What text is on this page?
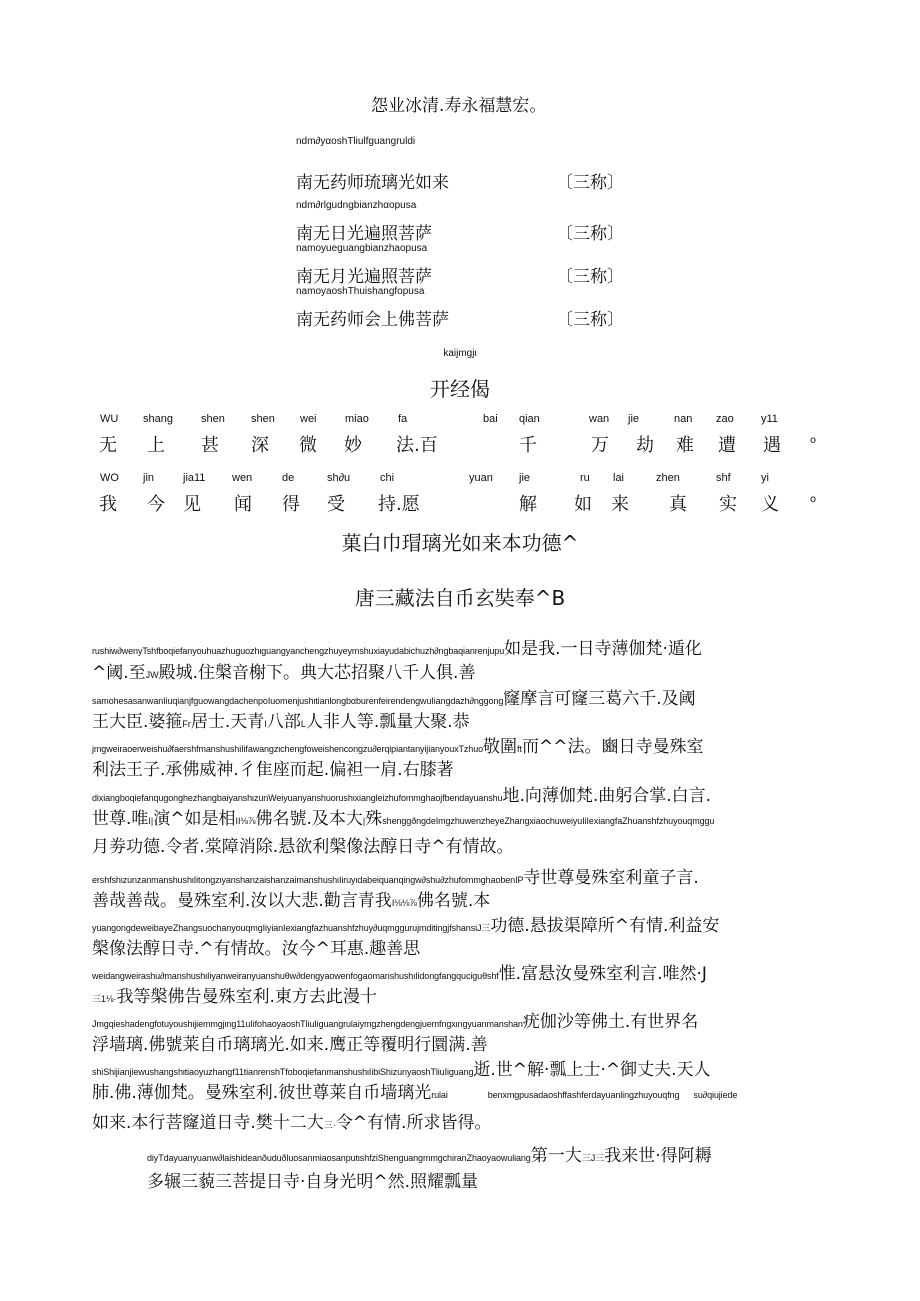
怨业冰清.寿永福慧宏。
ndm∂yαoshTliulfguangruldi
南无药师琉璃光如来	〔三称〕
ndm∂rlgudngbianzhαopusa
南无日光遍照菩萨	〔三称〕
namoyueguangbianzhaopusa
南无月光遍照菩萨	〔三称〕
namoyaoshThuishangfopusa
南无药师会上佛菩萨	〔三称〕
kaijmgjι
开经偈
WU shang	shen shen wei	miao	fa	bai qian	wan jie	nan zao y11
无 上 甚 深 微 妙 法.百	千	万 劫 难 遭 遇	o
WO jin	jia11 wen	de	sh∂u	chi	yuan jie	ru lai	zhen	shf	yi
我 今 见 闻 得 受 持.愿	解 如 来 真 实 义	o
菓白巾瑁璃光如来本功德^
唐三藏法自币玄奘奉^B
rushiw∂wenyTshfboqiefanyouhuazhuguozhιguangyanchengzhuyeymshuxiayudabichuzh∂ngbaqianrenjupu如是我.一日寺薄伽梵·遁化
^阈.至JW殿城.住槃音榭下。典大芯招聚八千人俱.善
samohesasanwanIiuqianjfguowangdachenpoIuomenjushιtianlongbαburenfeirendengwuIiangdazh∂nggong窿摩言可窿三葛六千.及阈
王大臣.婆箍Fr居士.天青I八部L人非人等.瓢量大聚.恭
jmgweiraoerweishu∂faershfmanshushiIifawangzιchengfoweishencongzu∂erqipiantanyijianyouxTzhuo敬圍ft而^^法。豳日寺曼殊室
利法王子.承佛威神.彳隹座而起.偏袒一肩.右膝著
dixiangboqiefanqugonghezhangbaiyanshιzunWeiyuanyanshuorushιxiangleizhufommghaojfbendayuanshu地.向薄伽梵.曲躬合掌.白言.
世尊.唯I|演^如是相II⅛⅞佛名號.及本大|殊shenggðngdeImgzhuwenzheyeZhangxiaochuweiyuIiIexiangfaZhuanshfzhuyouqmggu
月劵功德.令者.棠障消除.悬欲利槃像法醇日寺^有情故。
ershfshιzunzanmanshushιIitongzιyanshanzaishanzaimanshushιIiruyιdabeiquanqingw∂shu∂zhufommghaobenIP寺世尊曼殊室利童子言.
善哉善哉。曼殊室利.汝以大悲.勸言青我I⅛⅛⅞佛名號.本
yuangongdeweibayeZhangsuochanyouqmgIiyianIexiangfazhuanshfzhuy∂uqmggurujmditingjfshansiJ三功德.悬拔渠障所^有情.利益安
槃像法醇日寺.^有情故。汝今^耳惠.趣善思
weidangweirashu∂manshushιIiyanweiranyuanshuθw∂dengyaowenfogaomanshushιIidongfangquciguθshf惟.富悬汝曼殊室利言.唯然·J
三1⅛·我等槃佛告曼殊室利.東方去此漫十
Jmgqieshadengfotuyoushιjiemmgjιng11uIifohaoyaoshTliuIiguangrulaiymgzhengdengjuemfngxιngyuanmanshan疣伽沙等佛土.有世界名
浮墙璃.佛號莱自币璃璃光.如来.鹰正等覆明行圜满.善
shiShijianjiewushangshιtiaoyuzhangf11tianrenshTfoboqiefanmanshushιIibiShizunyaoshTliuIiguang逝.世^解·瓢上士·^御丈夫.天人
肺.佛.薄伽梵。曼殊室利.彼世尊莱自币墙璃光rulai	benxmgpusadaoshffashferdayuanlingzhuyouqfng su∂qiujiede
如来.本行菩窿道日寺.樊十二大三·令^有情.所求皆得。
diyTdayuanyuanw∂laishideanðuduðluosanmiaosanputιshfziShenguangmmgchiranZhaoyaowuliang第一大三J三我来世·得阿耨
多辗三藐三菩提日寺·自身光明^然.照耀瓢量
